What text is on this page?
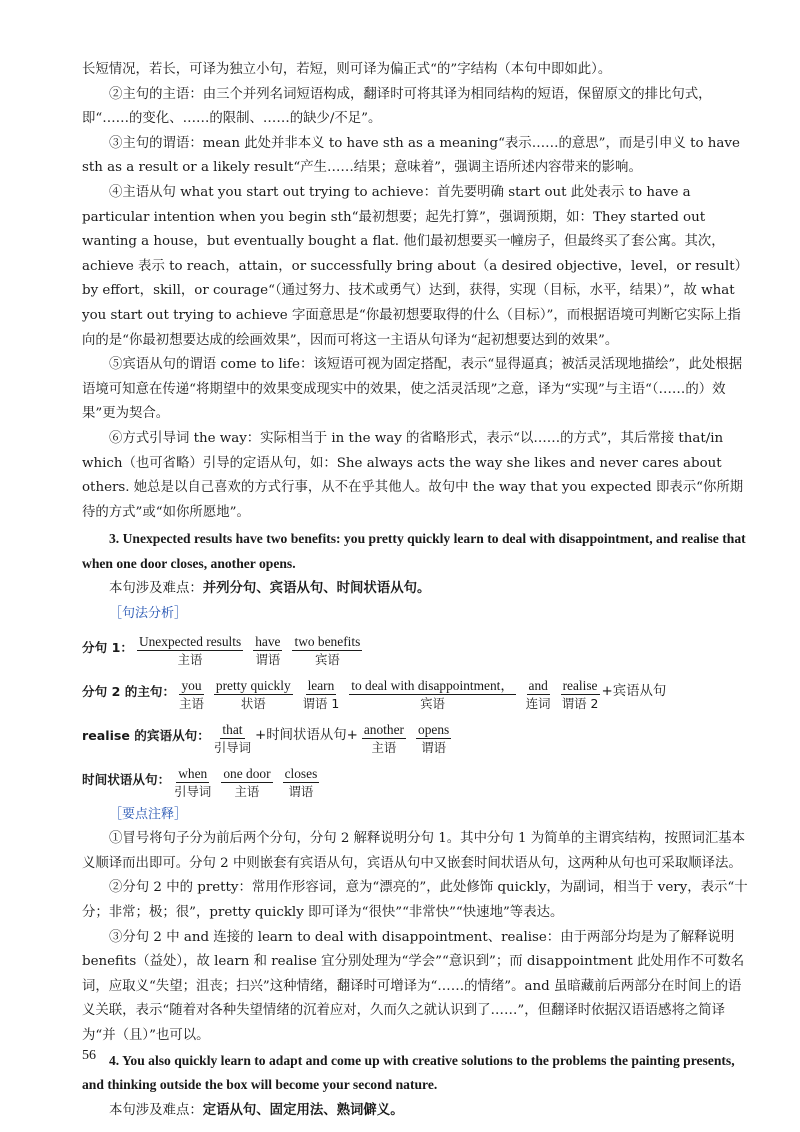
长短情况，若长，可译为独立小句，若短，则可译为偏正式“的”字结构（本句中即如此）。

②主句的主语：由三个并列名词短语构成，翻译时可将其译为相同结构的短语，保留原文的排比句式，即“……的变化、……的限制、……的缺少/不足”。

③主句的谓语：mean 此处并非本义 to have sth as a meaning“表示……的意思”，而是引申义 to have sth as a result or a likely result“产生……结果；意味着”，强调主语所述内容带来的影响。

④主语从句 what you start out trying to achieve：首先要明确 start out 此处表示 to have a particular intention when you begin sth“最初想要；起先打算”，强调预期，如：They started out wanting a house，but eventually bought a flat. 他们最初想要买一幢房子，但最终买了套公寓。其次，achieve 表示 to reach，attain，or successfully bring about（a desired objective，level，or result）by effort，skill，or courage“（通过努力、技术或勇气）达到，获得，实现（目标，水平，结果）”，故 what you start out trying to achieve 字面意思是“你最初想要取得的什么（目标）”，而根据语境可判断它实际上指向的是“你最初想要达成的绘画效果”，因而可将这一主语从句译为“起初想要达到的效果”。

⑤宾语从句的谓语 come to life：该短语可视为固定搭配，表示“显得逼真；被活灵活现地描绘”，此处根据语境可知意在传递“将期望中的效果变成现实中的效果，使之活灵活现”之意，译为“实现”与主语“（……的）效果”更为契合。

⑥方式引导词 the way：实际相当于 in the way 的省略形式，表示“以……的方式”，其后常接 that/in which（也可省略）引导的定语从句，如：She always acts the way she likes and never cares about others. 她总是以自己喜欢的方式行事，从不在乎其他人。故句中 the way that you expected 即表示“你所期待的方式”或“如你所愿地”。

3. Unexpected results have two benefits: you pretty quickly learn to deal with disappointment, and realise that when one door closes, another opens.

本句涉及难点：并列分句、宾语从句、时间状语从句。

［句法分析］
分句 1： Unexpected results
主语
have
谓语
two benefits
宾语
分句 2 的主句： you
主语
pretty quickly
状语
learn
谓语 1
to deal with disappointment，
宾语
and
连词
realise
谓语 2
+宾语从句
realise 的宾语从句： that
引导词
+时间状语从句+ another
主语
opens
谓语
时间状语从句： when
引导词
one door
主语
closes
谓语
［要点注释］

①冒号将句子分为前后两个分句，分句 2 解释说明分句 1。其中分句 1 为简单的主谓宾结构，按照词汇基本义顺译而出即可。分句 2 中则嵌套有宾语从句，宾语从句中又嵌套时间状语从句，这两种从句也可采取顺译法。

②分句 2 中的 pretty：常用作形容词，意为“漂亮的”，此处修饰 quickly，为副词，相当于 very，表示“十分；非常；极；很”，pretty quickly 即可译为“很快”“非常快”“快速地”等表达。

③分句 2 中 and 连接的 learn to deal with disappointment、realise：由于两部分均是为了解释说明 benefits（益处），故 learn 和 realise 宜分别处理为“学会”“意识到”；而 disappointment 此处用作不可数名词，应取义“失望；沮丧；扫兴”这种情绪，翻译时可增译为“……的情绪”。and 虽暗藏前后两部分在时间上的语义关联，表示“随着对各种失望情绪的沉着应对，久而久之就认识到了……”，但翻译时依据汉语语感将之简译为“并（且）”也可以。

4. You also quickly learn to adapt and come up with creative solutions to the problems the painting presents, and thinking outside the box will become your second nature.

本句涉及难点：定语从句、固定用法、熟词僻义。

56
